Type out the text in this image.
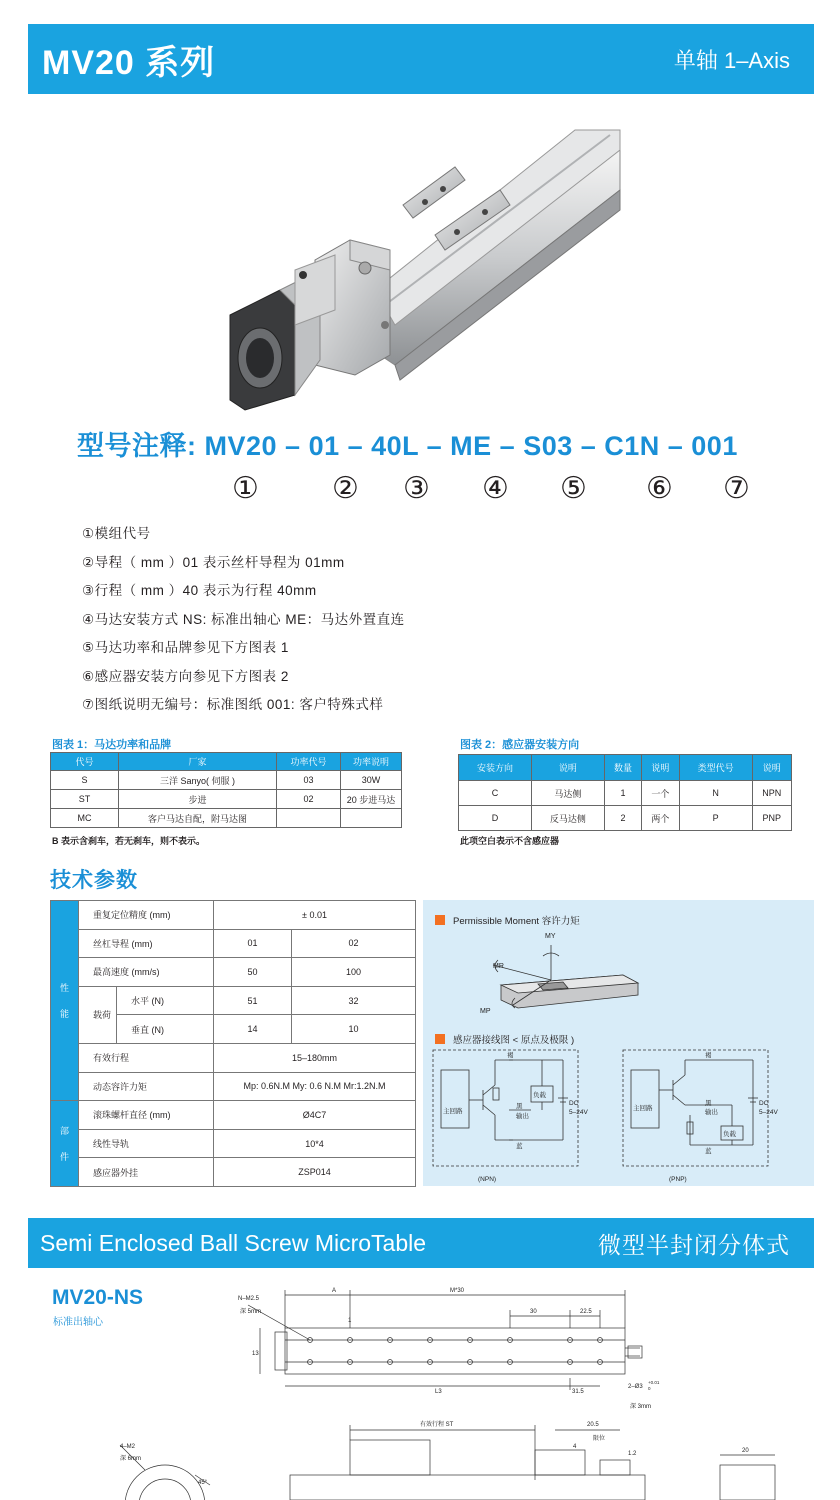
MV20 系列	单轴 1–Axis
型号注释: MV20 – 01 – 40L – ME – S03 – C1N – 001
① ② ③ ④ ⑤ ⑥ ⑦
①模组代号
②导程（ mm ）01 表示丝杆导程为 01mm
③行程（ mm ）40 表示为行程 40mm
④马达安装方式 NS: 标准出轴心 ME：马达外置直连
⑤马达功率和品牌参见下方图表 1
⑥感应器安装方向参见下方图表 2
⑦图纸说明无编号：标准图纸 001: 客户特殊式样
图表 1：马达功率和品牌
代号	厂家	功率代号	功率说明
S	三洋 Sanyo( 伺服 )	03	30W
ST	步进	02	20 步进马达
MC	客户马达自配，附马达图		
B 表示含刹车，若无刹车，则不表示。
图表 2：感应器安装方向
安装方向	说明	数量	说明	类型代号	说明
C	马达侧	1	一个	N	NPN
D	反马达侧	2	两个	P	PNP
此项空白表示不含感应器
技术参数
性
能	重复定位精度 (mm)		± 0.01	
	丝杠导程 (mm)		01	02
	最高速度 (mm/s)		50	100
	载荷	水平 (N)	51	32
		垂直 (N)	14	10
	有效行程		15–180mm	
	动态容许力矩		Mp: 0.6N.M My: 0.6 N.M Mr:1.2N.M	
部
件	滚珠螺杆直径 (mm)		Ø4C7	
	线性导轨		10*4	
	感应器外挂		ZSP014	
Permissible Moment 容许力矩
感应器接线图 < 原点及极限 )
MY
MR
MP
主回路
褐
黑
输出
蓝
负载
DC
5–24V
(NPN)
主回路
褐
黑
输出
蓝
负载
DC
5–24V
(PNP)
Semi Enclosed Ball Screw MicroTable	微型半封闭分体式
MV20-NS
标准出轴心
N–M2.5
深 5mm
A	M*30
30	22.5
1
13
L3	31.5
2–Ø3
+0.01
0
深 3mm
4–M2
深 6mm
45°
有效行程 ST	20.5
4
限位
1.2	20
